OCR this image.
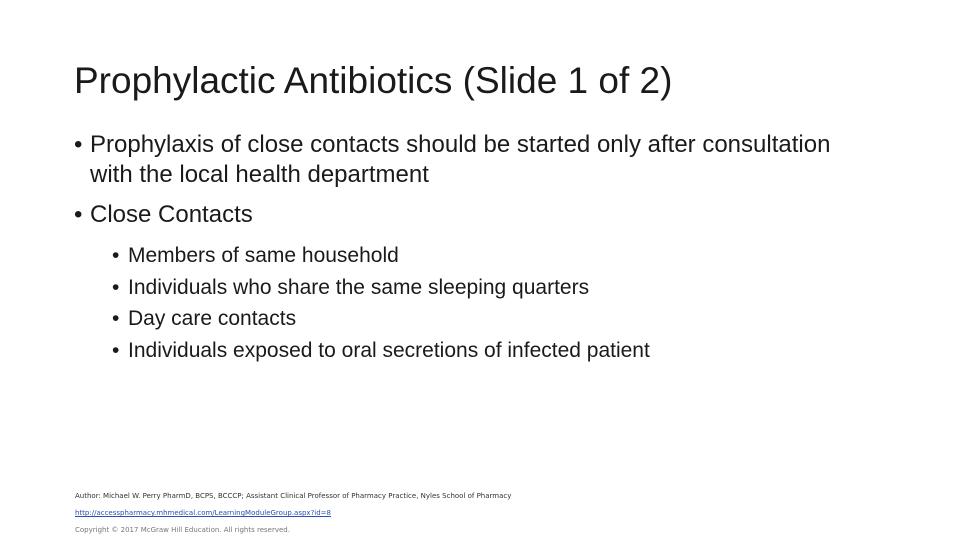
Prophylactic Antibiotics (Slide 1 of 2)
• Prophylaxis of close contacts should be started only after consultation with the local health department
• Close Contacts
• Members of same household
• Individuals who share the same sleeping quarters
• Day care contacts
• Individuals exposed to oral secretions of infected patient
Author: Michael W. Perry PharmD, BCPS, BCCCP; Assistant Clinical Professor of Pharmacy Practice, Nyles School of Pharmacy
http://accesspharmacy.mhmedical.com/LearningModuleGroup.aspx?id=8
Copyright © 2017 McGraw Hill Education. All rights reserved.
